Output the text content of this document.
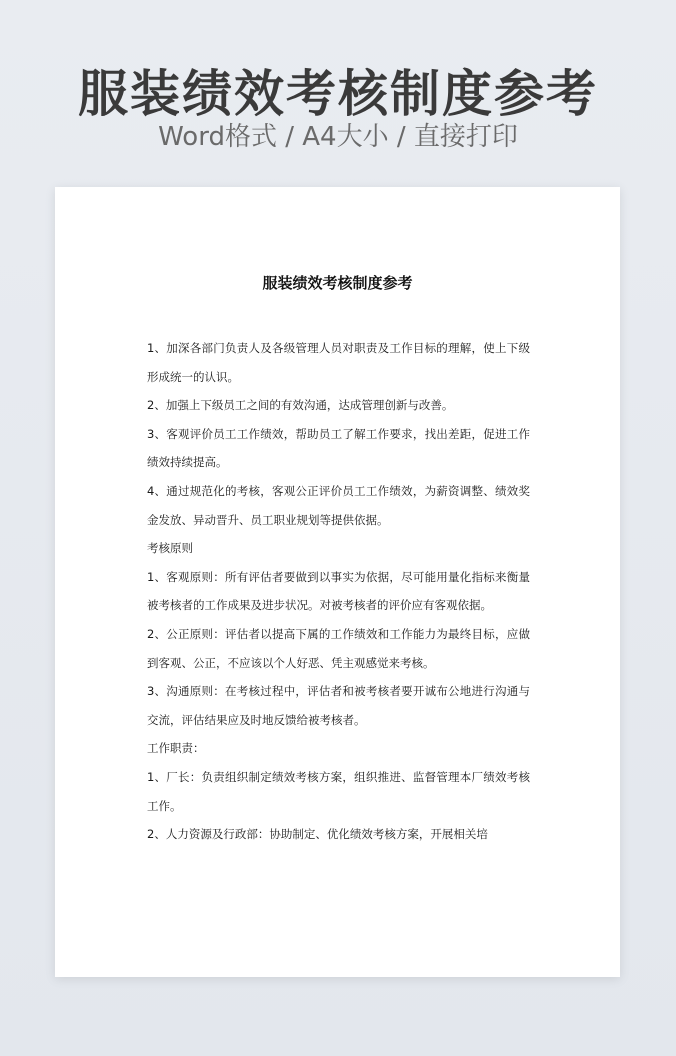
服装绩效考核制度参考
Word格式 / A4大小 / 直接打印
服装绩效考核制度参考

1、加深各部门负责人及各级管理人员对职责及工作目标的理解，使上下级形成统一的认识。

2、加强上下级员工之间的有效沟通，达成管理创新与改善。

3、客观评价员工工作绩效，帮助员工了解工作要求，找出差距，促进工作绩效持续提高。

4、通过规范化的考核，客观公正评价员工工作绩效，为薪资调整、绩效奖金发放、异动晋升、员工职业规划等提供依据。

考核原则

1、客观原则：所有评估者要做到以事实为依据，尽可能用量化指标来衡量被考核者的工作成果及进步状况。对被考核者的评价应有客观依据。

2、公正原则：评估者以提高下属的工作绩效和工作能力为最终目标，应做到客观、公正，不应该以个人好恶、凭主观感觉来考核。

3、沟通原则：在考核过程中，评估者和被考核者要开诚布公地进行沟通与交流，评估结果应及时地反馈给被考核者。

工作职责：

1、厂长：负责组织制定绩效考核方案，组织推进、监督管理本厂绩效考核工作。

2、人力资源及行政部：协助制定、优化绩效考核方案，开展相关培
